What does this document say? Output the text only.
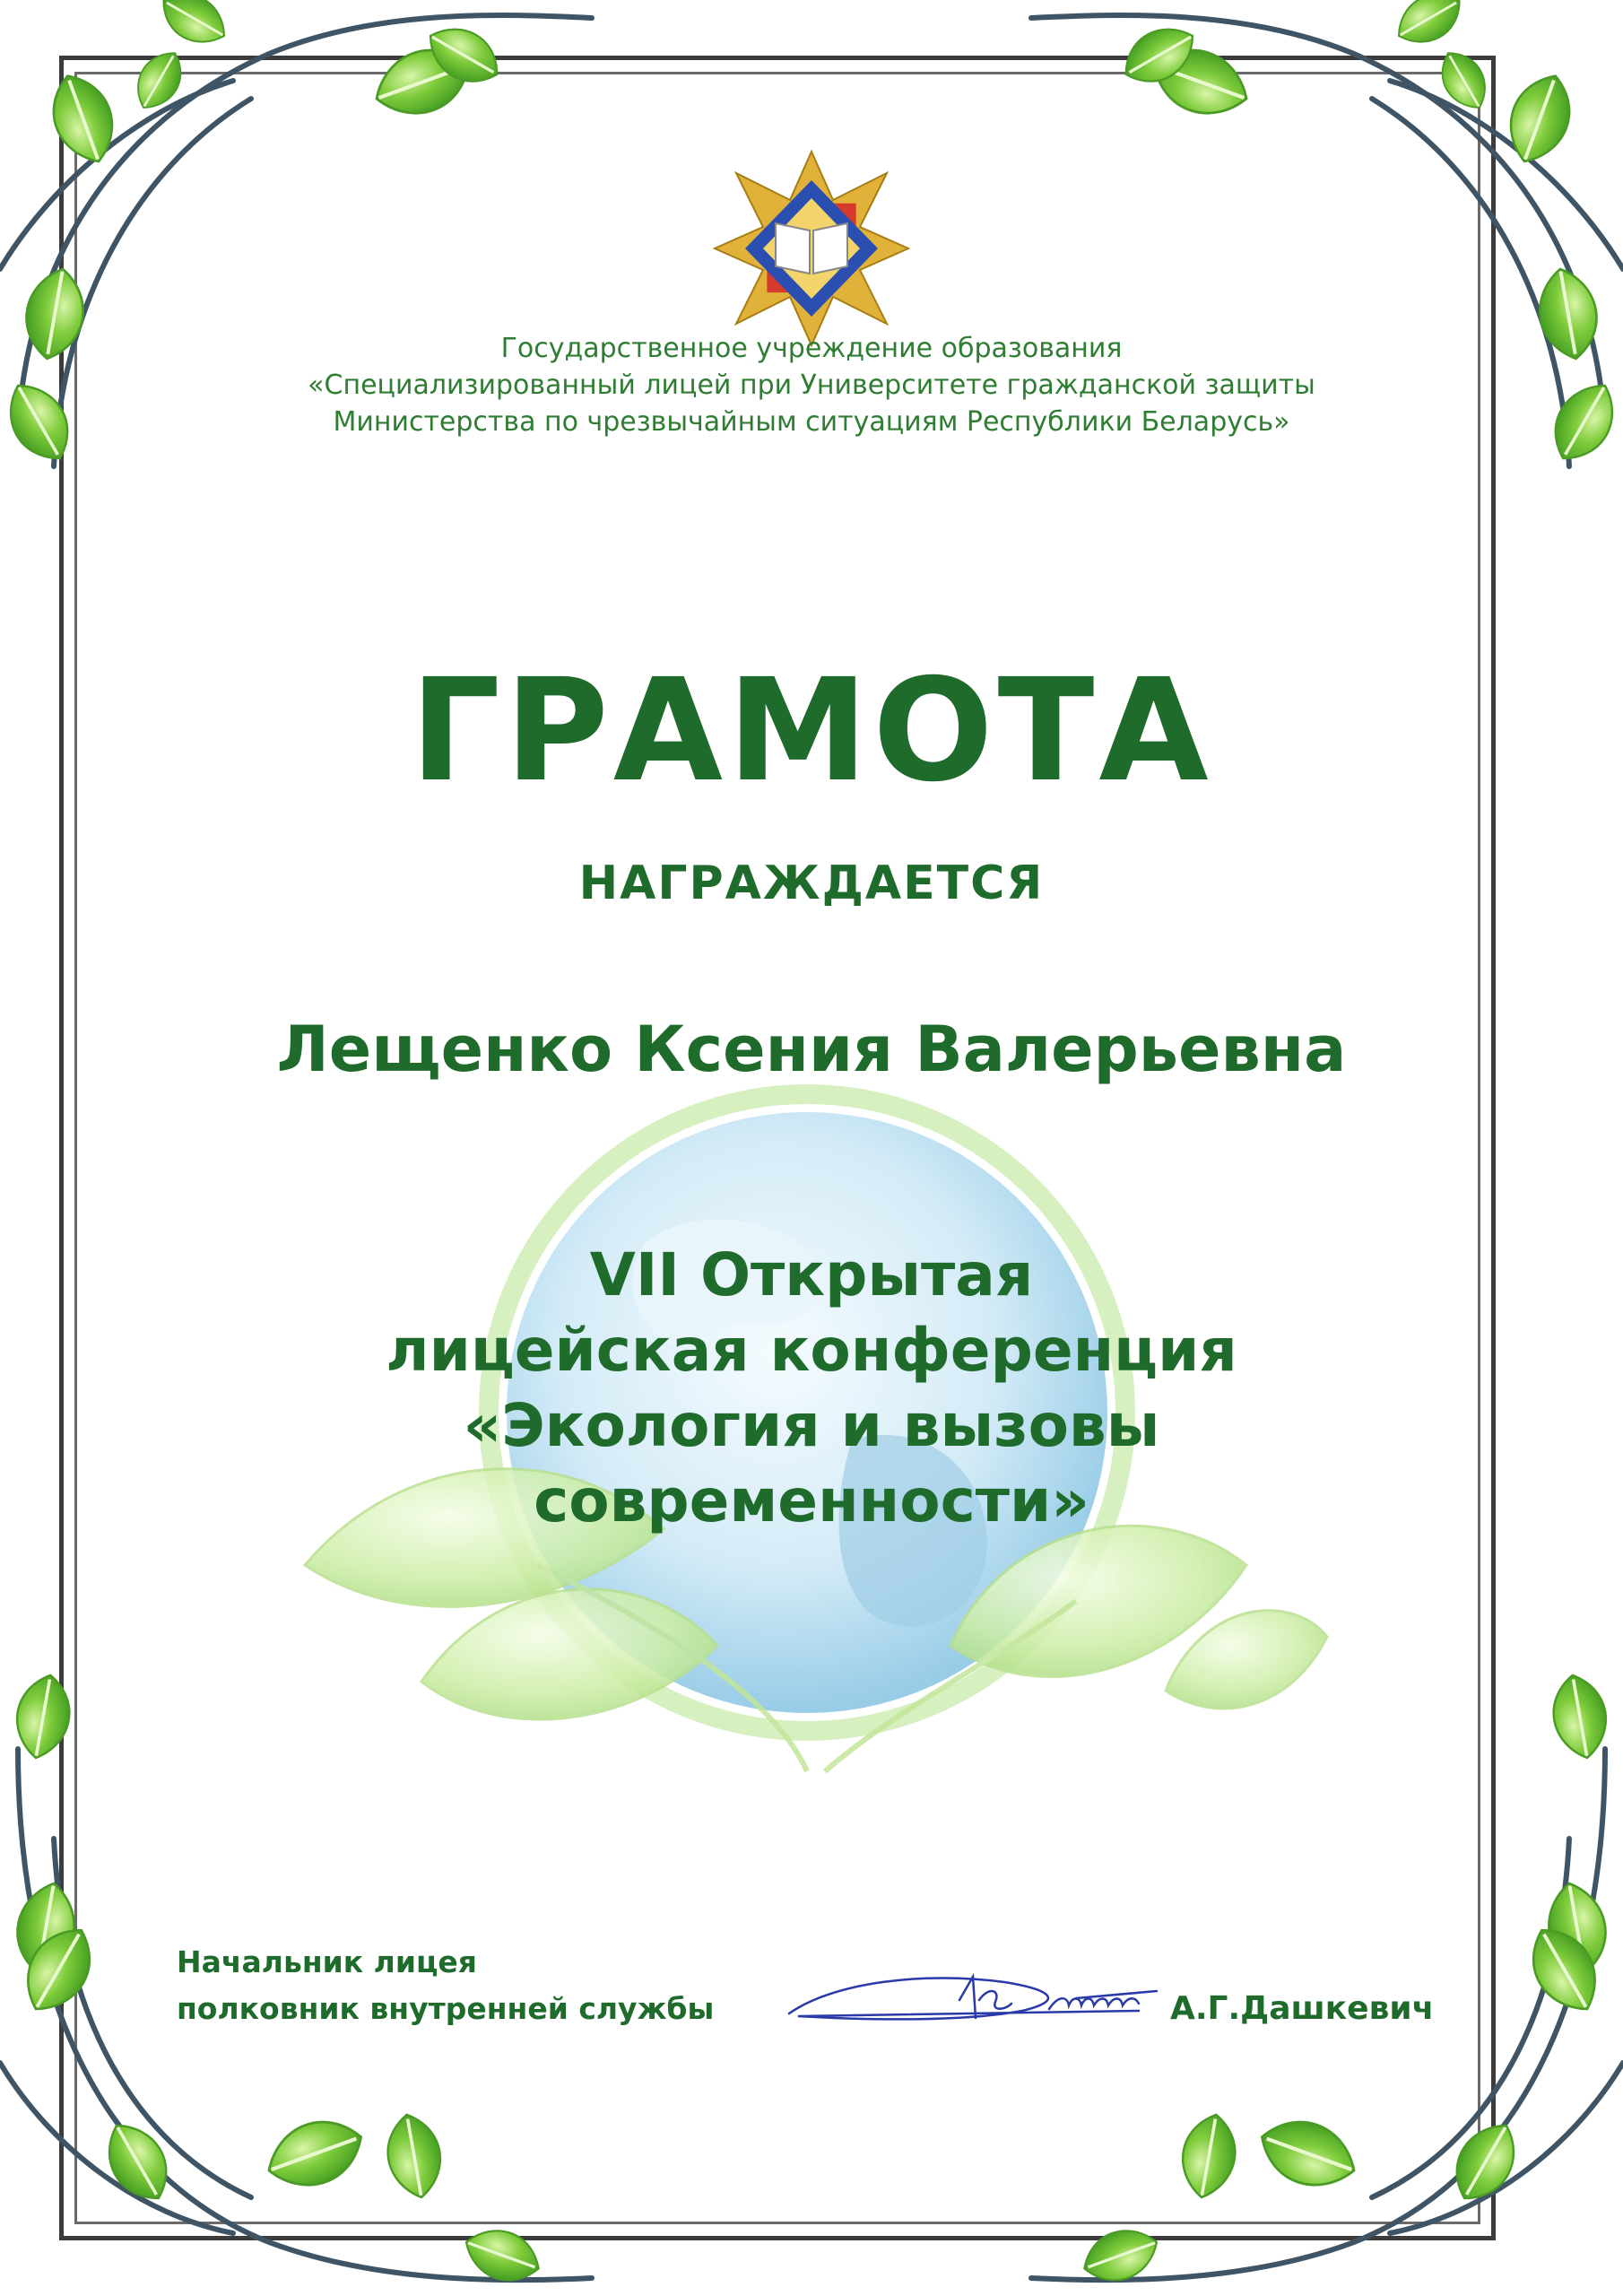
Государственное учреждение образования
«Специализированный лицей при Университете гражданской защиты
Министерства по чрезвычайным ситуациям Республики Беларусь»
ГРАМОТА
НАГРАЖДАЕТСЯ
Лещенко Ксения Валерьевна
VII Открытая
лицейская конференция
«Экология и вызовы
современности»
Начальник лицея
полковник внутренней службы	А.Г.Дашкевич
